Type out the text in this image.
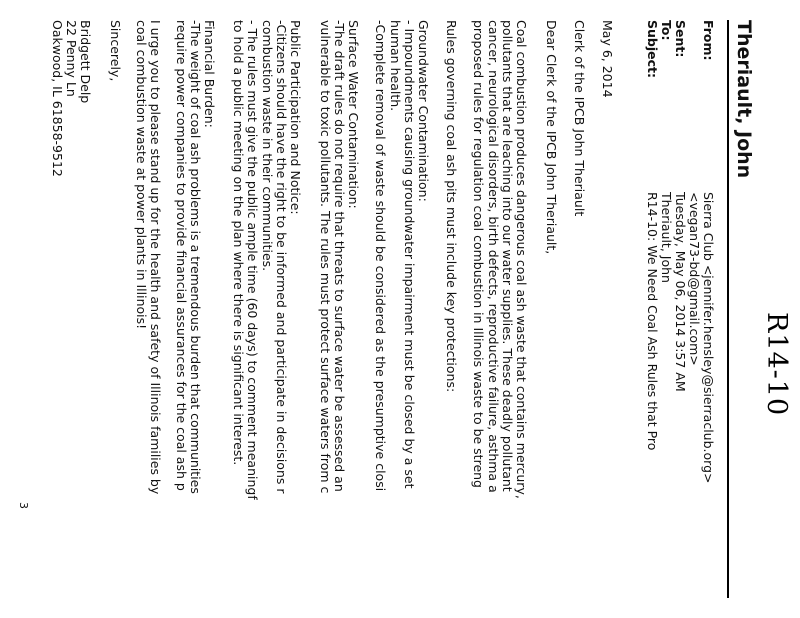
R14-10
Theriault, John
From:
Sierra Club <jennifer.hensley@sierraclub.org>
<vegan73-bd@gmail.com>
Sent:
Tuesday, May 06, 2014 3:57 AM
To:
Theriault, John
Subject:
R14-10: We Need Coal Ash Rules that Pro
May 6, 2014
Clerk of the IPCB John Theriault
Dear Clerk of the IPCB John Theriault,
Coal combustion produces dangerous coal ash waste that contains mercury,
pollutants that are leaching into our water supplies. These deadly pollutant
cancer, neurological disorders, birth defects, reproductive failure, asthma a
proposed rules for regulation coal combustion in Illinois waste to be streng
Rules governing coal ash pits must include key protections:
Groundwater Contamination:
- Impoundments causing groundwater impairment must be closed by a set
human health.
-Complete removal of waste should be considered as the presumptive closi
Surface Water Contamination:
-The draft rules do not require that threats to surface water be assessed an
vulnerable to toxic pollutants. The rules must protect surface waters from c
Public Participation and Notice:
-Citizens should have the right to be informed and participate in decisions r
combustion waste in their communities.
- The rules must give the public ample time (60 days) to comment meaningf
to hold a public meeting on the plan where there is significant interest.
Financial Burden:
-The weight of coal ash problems is a tremendous burden that communities
require power companies to provide financial assurances for the coal ash p
I urge you to please stand up for the health and safety of Illinois families by
coal combustion waste at power plants in Illinois!
Sincerely,
Bridgett Delp
22 Penny Ln
Oakwood, IL 61858-9512
3
